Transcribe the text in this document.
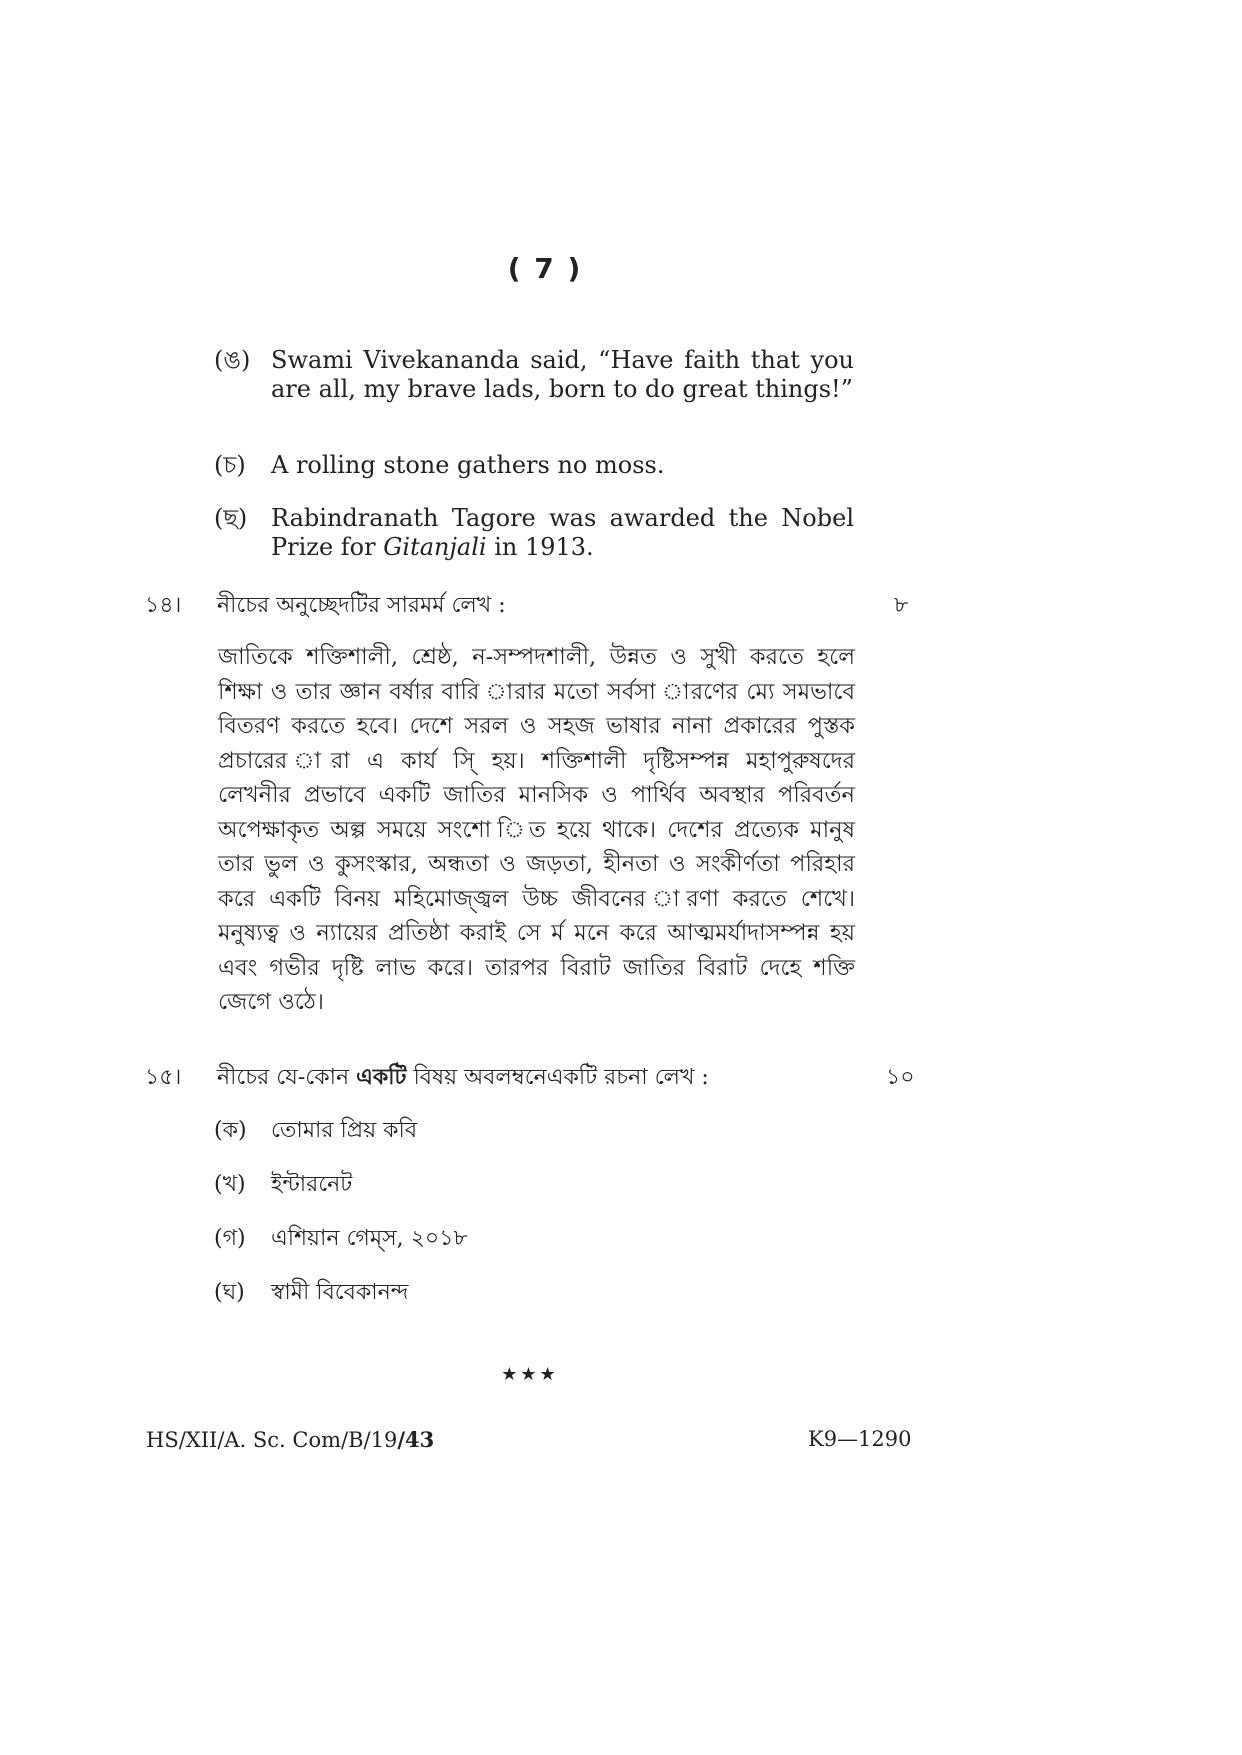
( 7 )
(ঙ) Swami Vivekananda said, “Have faith that you are all, my brave lads, born to do great things!”
(চ) A rolling stone gathers no moss.
(ছ) Rabindranath Tagore was awarded the Nobel Prize for Gitanjali in 1913.
১৪। নীচের অনুচ্ছেদটির সারমর্ম লেখ :	৮
জাতিকে শক্তিশালী, শ্রেষ্ঠ, ন-সম্পদশালী, উন্নত ও সুখী করতে হলে শিক্ষা ও তার জ্ঞান বর্ষার বারি ারার মতো সর্বসা ারণের ম্যে সমভাবে বিতরণ করতে হবে। দেশে সরল ও সহজ ভাষার নানা প্রকারের পুস্তক প্রচারের ারা এ কার্য সি্ হয়। শক্তিশালী দৃষ্টিসম্পন্ন মহাপুরুষদের লেখনীর প্রভাবে একটি জাতির মানসিক ও পার্থিব অবস্থার পরিবর্তন অপেক্ষাকৃত অল্প সময়ে সংশো িত হয়ে থাকে। দেশের প্রত্যেক মানুষ তার ভুল ও কুসংস্কার, অন্ধতা ও জড়তা, হীনতা ও সংকীর্ণতা পরিহার করে একটি বিনয় মহিমোজ্জ্বল উচ্চ জীবনের ারণা করতে শেখে। মনুষ্যত্ব ও ন্যায়ের প্রতিষ্ঠা করাই সে র্ম মনে করে আত্মমর্যাদাসম্পন্ন হয় এবং গভীর দৃষ্টি লাভ করে। তারপর বিরাট জাতির বিরাট দেহে শক্তি জেগে ওঠে।
১৫। নীচের যে-কোন একটি বিষয় অবলম্বনেএকটি রচনা লেখ :	১০
(ক) তোমার প্রিয় কবি
(খ) ইন্টারনেট
(গ) এশিয়ান গেম্স, ২০১৮
(ঘ) স্বামী বিবেকানন্দ
★★★
HS/XII/A. Sc. Com/B/19/43	K9—1290
